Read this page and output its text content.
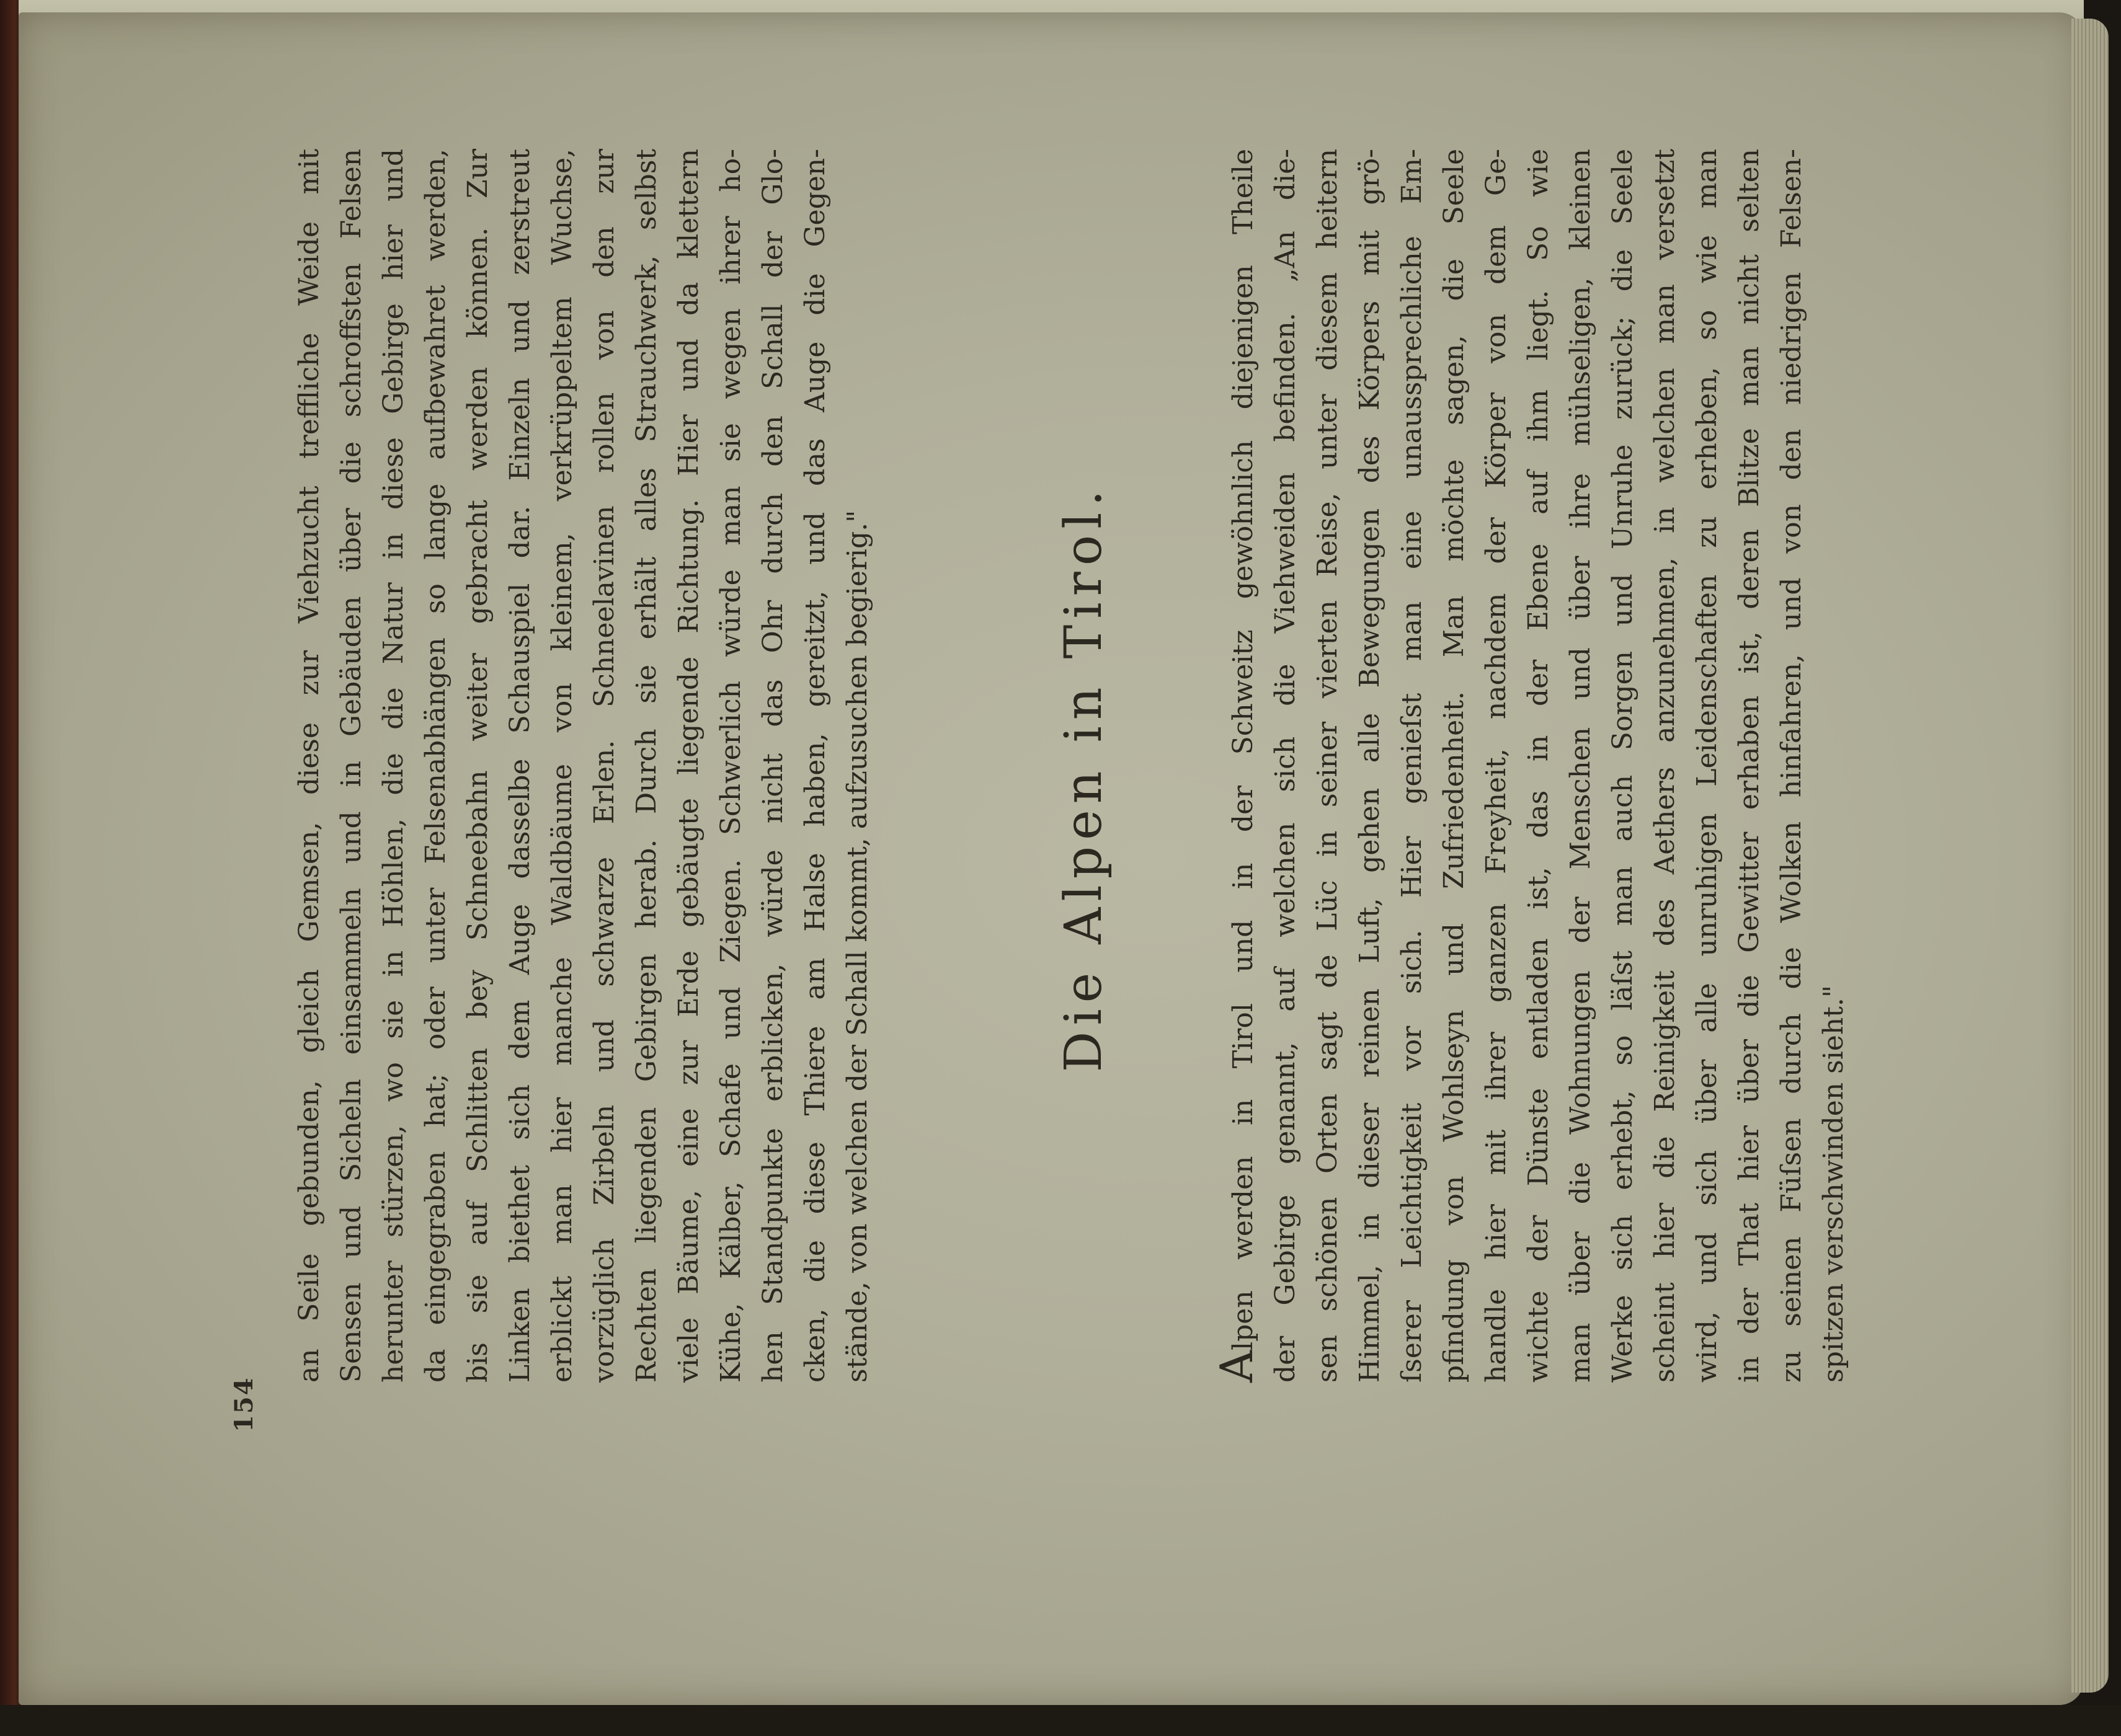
154
an Seile gebunden, gleich Gemsen, diese zur Viehzucht treffliche Weide mit Sensen und Sicheln einsammeln und in Gebäuden über die schroffsten Felsen herunter stürzen, wo sie in Höhlen, die die Natur in diese Gebirge hier und da eingegraben hat; oder unter Felsenabhängen so lange aufbewahret werden, bis sie auf Schlitten bey Schneebahn weiter gebracht werden können. Zur Linken biethet sich dem Auge dasselbe Schauspiel dar. Einzeln und zerstreut erblickt man hier manche Waldbäume von kleinem, verkrüppeltem Wuchse, vorzüglich Zirbeln und schwarze Erlen. Schneelavinen rollen von den zur Rechten liegenden Gebirgen herab. Durch sie erhält alles Strauchwerk, selbst viele Bäume, eine zur Erde gebäugte liegende Richtung. Hier und da klettern Kühe, Kälber, Schafe und Ziegen. Schwerlich würde man sie wegen ihrer ho- hen Standpunkte erblicken, würde nicht das Ohr durch den Schall der Glo- cken, die diese Thiere am Halse haben, gereitzt, und das Auge die Gegen- stände, von welchen der Schall kommt, aufzusuchen begierig."	Die Alpen in Tirol.
Alpen werden in Tirol und in der Schweitz gewöhnlich diejenigen Theile der Gebirge genannt, auf welchen sich die Viehweiden befinden. „An die- sen schönen Orten sagt de Lüc in seiner vierten Reise, unter diesem heitern Himmel, in dieser reinen Luft, gehen alle Bewegungen des Körpers mit grö- ſserer Leichtigkeit vor sich. Hier genieſst man eine unaussprechliche Em- pfindung von Wohlseyn und Zufriedenheit. Man möchte sagen, die Seele handle hier mit ihrer ganzen Freyheit, nachdem der Körper von dem Ge- wichte der Dünste entladen ist, das in der Ebene auf ihm liegt. So wie man über die Wohnungen der Menschen und über ihre mühseligen, kleinen Werke sich erhebt, so läſst man auch Sorgen und Unruhe zurück; die Seele scheint hier die Reinigkeit des Aethers anzunehmen, in welchen man versetzt wird, und sich über alle unruhigen Leidenschaften zu erheben, so wie man in der That hier über die Gewitter erhaben ist, deren Blitze man nicht selten zu seinen Füſsen durch die Wolken hinfahren, und von den niedrigen Felsen- spitzen verschwinden sieht."
